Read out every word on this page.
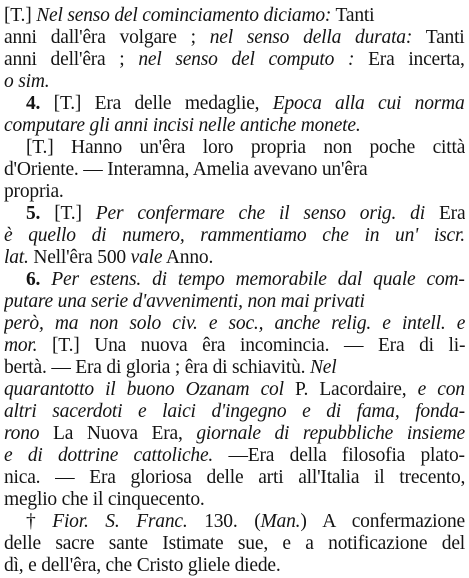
[T.] Nel senso del cominciamento diciamo: Tanti
anni dall'êra volgare ; nel senso della durata: Tanti
anni dell'êra ; nel senso del computo : Era incerta,
o sim.
4. [T.] Era delle medaglie, Epoca alla cui norma
computare gli anni incisi nelle antiche monete.
[T.] Hanno un'êra loro propria non poche città
d'Oriente. — Interamna, Amelia avevano un'êra
propria.
5. [T.] Per confermare che il senso orig. di Era
è quello di numero, rammentiamo che in un' iscr.
lat. Nell'êra 500 vale Anno.
6. Per estens. di tempo memorabile dal quale com-
putare una serie d'avvenimenti, non mai privati
però, ma non solo civ. e soc., anche relig. e intell. e
mor. [T.] Una nuova êra incomincia. — Era di li-
bertà. — Era di gloria ; êra di schiavitù. Nel
quarantotto il buono Ozanam col P. Lacordaire, e con
altri sacerdoti e laici d'ingegno e di fama, fonda-
rono La Nuova Era, giornale di repubbliche insieme
e di dottrine cattoliche. —Era della filosofia plato-
nica. — Era gloriosa delle arti all'Italia il trecento,
meglio che il cinquecento.
† Fior. S. Franc. 130. (Man.) A confermazione
delle sacre sante Istimate sue, e a notificazione del
dì, e dell'êra, che Cristo gliele diede.
